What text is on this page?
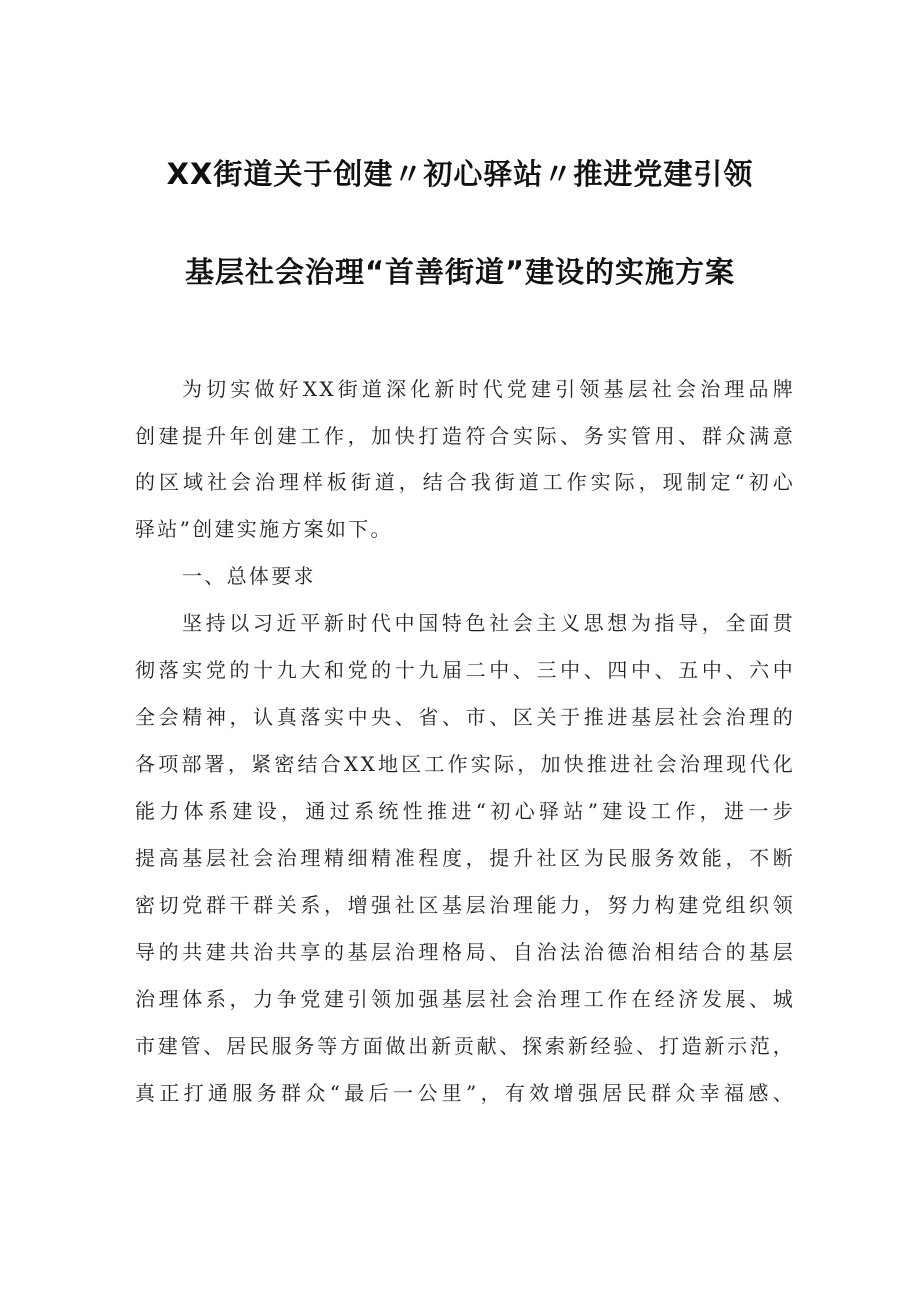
XX街道关于创建〃初心驿站〃推进党建引领
基层社会治理“首善街道”建设的实施方案
为切实做好XX街道深化新时代党建引领基层社会治理品牌
创建提升年创建工作，加快打造符合实际、务实管用、群众满意
的区域社会治理样板街道，结合我街道工作实际，现制定“初心
驿站”创建实施方案如下。
一、总体要求
坚持以习近平新时代中国特色社会主义思想为指导，全面贯
彻落实党的十九大和党的十九届二中、三中、四中、五中、六中
全会精神，认真落实中央、省、市、区关于推进基层社会治理的
各项部署，紧密结合XX地区工作实际，加快推进社会治理现代化
能力体系建设，通过系统性推进“初心驿站”建设工作，进一步
提高基层社会治理精细精准程度，提升社区为民服务效能，不断
密切党群干群关系，增强社区基层治理能力，努力构建党组织领
导的共建共治共享的基层治理格局、自治法治德治相结合的基层
治理体系，力争党建引领加强基层社会治理工作在经济发展、城
市建管、居民服务等方面做出新贡献、探索新经验、打造新示范，
真正打通服务群众“最后一公里”，有效增强居民群众幸福感、
